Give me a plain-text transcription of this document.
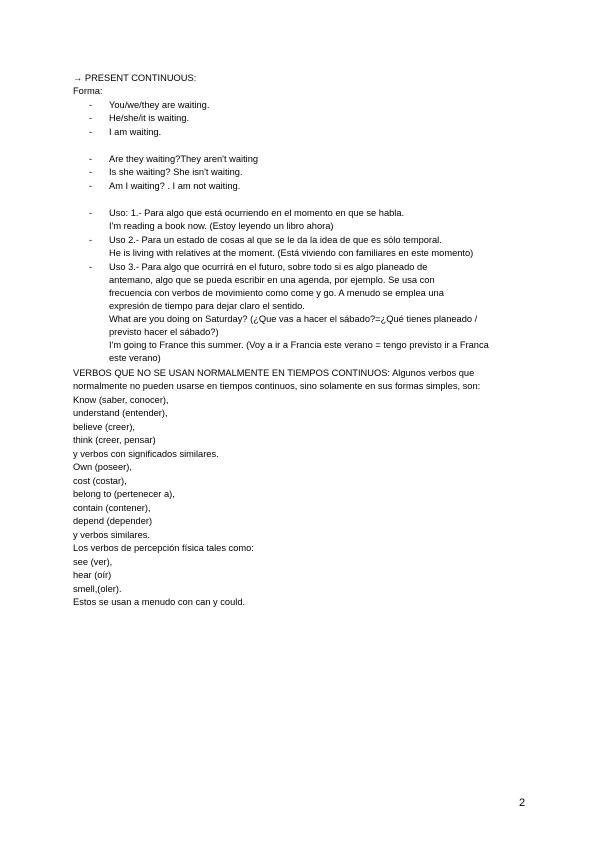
→ PRESENT CONTINUOUS:
Forma:
-	You/we/they are waiting.
-	He/she/it is waiting.
-	I am waiting.
-	Are they waiting?They aren't waiting
-	Is she waiting? She isn't waiting.
-	Am I waiting? . I am not waiting.
-	Uso: 1.- Para algo que está ocurriendo en el momento en que se habla.
I'm reading a book now. (Estoy leyendo un libro ahora)
-	Uso 2.- Para un estado de cosas al que se le da la idea de que es sólo temporal.
He is living with relatives at the moment. (Está viviendo con familiares en este momento)
-	Uso 3.- Para algo que ocurrirá en el futuro, sobre todo si es algo planeado de
antemano, algo que se pueda escribir en una agenda, por ejemplo. Se usa con
frecuencia con verbos de movimiento como come y go. A menudo se emplea una
expresión de tiempo para dejar claro el sentido.
What are you doing on Saturday? (¿Que vas a hacer el sábado?=¿Qué tienes planeado /
previsto hacer el sábado?)
I'm going to France this summer. (Voy a ir a Francia este verano = tengo previsto ir a Franca
este verano)
VERBOS QUE NO SE USAN NORMALMENTE EN TIEMPOS CONTINUOS: Algunos verbos que
normalmente no pueden usarse en tiempos continuos, sino solamente en sus formas simples, son:
Know (saber, conocer),
understand (entender),
believe (creer),
think (creer, pensar)
y verbos con significados similares.
Own (poseer),
cost (costar),
belong to (pertenecer a),
contain (contener),
depend (depender)
y verbos similares.
Los verbos de percepción física tales como:
see (ver),
hear (oír)
smell,(oler).
Estos se usan a menudo con can y could.
2
